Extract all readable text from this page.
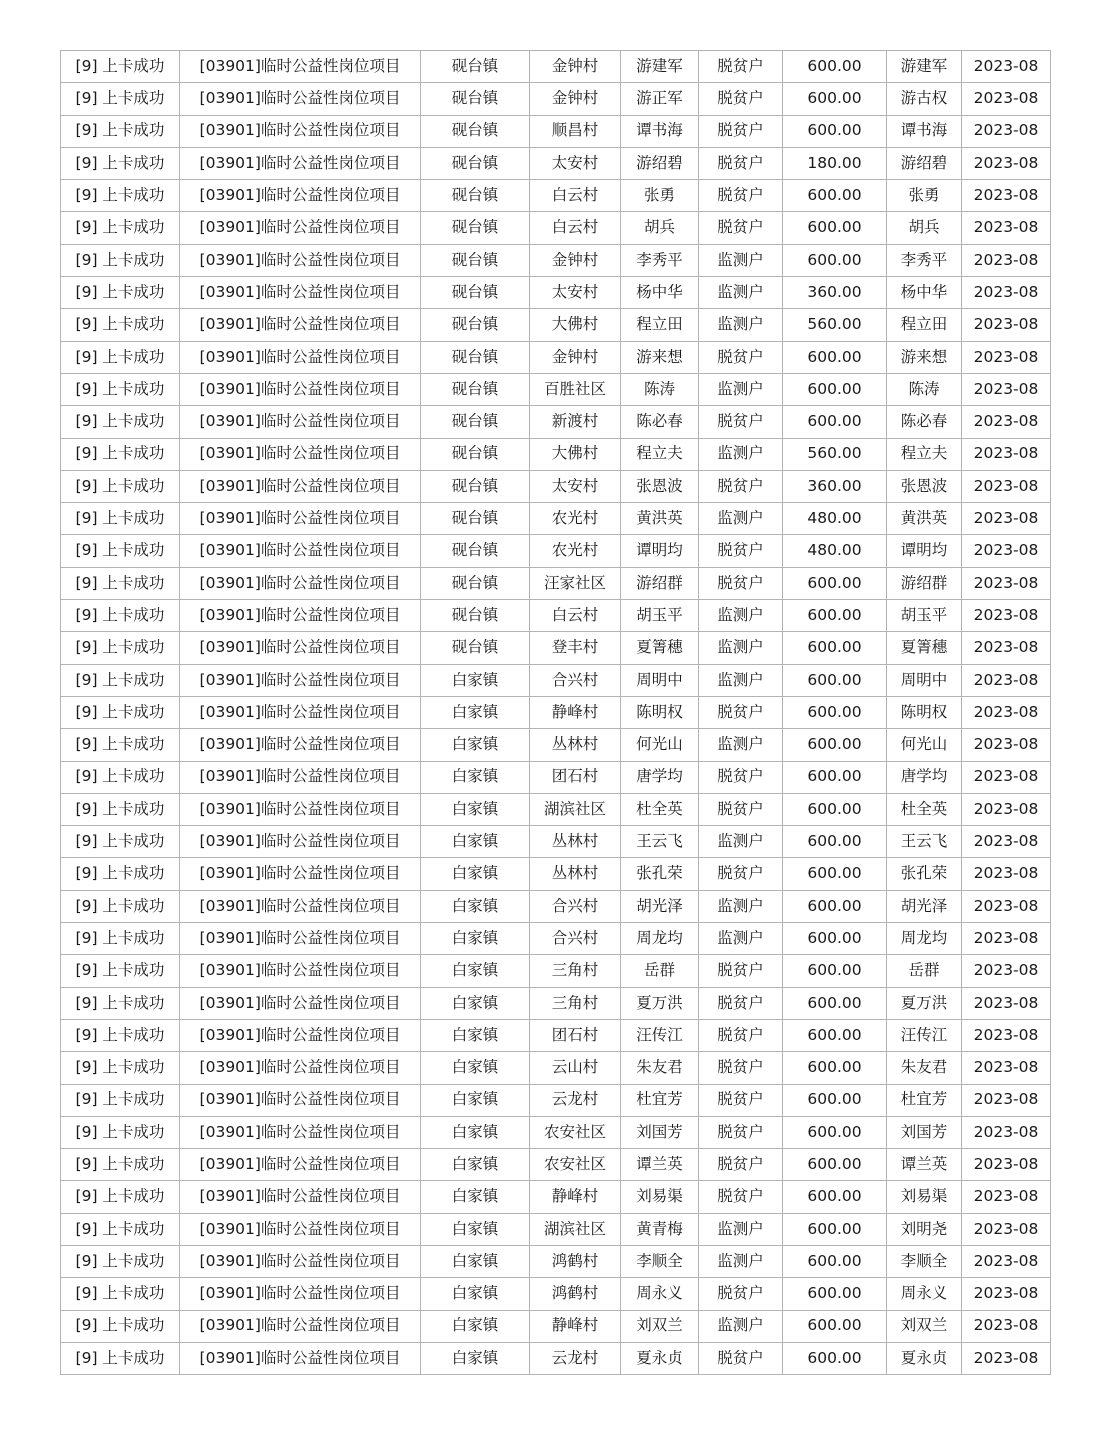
[9] 上卡成功	[03901]临时公益性岗位项目	砚台镇	金钟村	游建军	脱贫户	600.00	游建军	2023-08
[9] 上卡成功	[03901]临时公益性岗位项目	砚台镇	金钟村	游正军	脱贫户	600.00	游古权	2023-08
[9] 上卡成功	[03901]临时公益性岗位项目	砚台镇	顺昌村	谭书海	脱贫户	600.00	谭书海	2023-08
[9] 上卡成功	[03901]临时公益性岗位项目	砚台镇	太安村	游绍碧	脱贫户	180.00	游绍碧	2023-08
[9] 上卡成功	[03901]临时公益性岗位项目	砚台镇	白云村	张勇	脱贫户	600.00	张勇	2023-08
[9] 上卡成功	[03901]临时公益性岗位项目	砚台镇	白云村	胡兵	脱贫户	600.00	胡兵	2023-08
[9] 上卡成功	[03901]临时公益性岗位项目	砚台镇	金钟村	李秀平	监测户	600.00	李秀平	2023-08
[9] 上卡成功	[03901]临时公益性岗位项目	砚台镇	太安村	杨中华	监测户	360.00	杨中华	2023-08
[9] 上卡成功	[03901]临时公益性岗位项目	砚台镇	大佛村	程立田	监测户	560.00	程立田	2023-08
[9] 上卡成功	[03901]临时公益性岗位项目	砚台镇	金钟村	游来想	脱贫户	600.00	游来想	2023-08
[9] 上卡成功	[03901]临时公益性岗位项目	砚台镇	百胜社区	陈涛	监测户	600.00	陈涛	2023-08
[9] 上卡成功	[03901]临时公益性岗位项目	砚台镇	新渡村	陈必春	脱贫户	600.00	陈必春	2023-08
[9] 上卡成功	[03901]临时公益性岗位项目	砚台镇	大佛村	程立夫	监测户	560.00	程立夫	2023-08
[9] 上卡成功	[03901]临时公益性岗位项目	砚台镇	太安村	张恩波	脱贫户	360.00	张恩波	2023-08
[9] 上卡成功	[03901]临时公益性岗位项目	砚台镇	农光村	黄洪英	监测户	480.00	黄洪英	2023-08
[9] 上卡成功	[03901]临时公益性岗位项目	砚台镇	农光村	谭明均	脱贫户	480.00	谭明均	2023-08
[9] 上卡成功	[03901]临时公益性岗位项目	砚台镇	汪家社区	游绍群	脱贫户	600.00	游绍群	2023-08
[9] 上卡成功	[03901]临时公益性岗位项目	砚台镇	白云村	胡玉平	监测户	600.00	胡玉平	2023-08
[9] 上卡成功	[03901]临时公益性岗位项目	砚台镇	登丰村	夏箐穗	监测户	600.00	夏箐穗	2023-08
[9] 上卡成功	[03901]临时公益性岗位项目	白家镇	合兴村	周明中	监测户	600.00	周明中	2023-08
[9] 上卡成功	[03901]临时公益性岗位项目	白家镇	静峰村	陈明权	脱贫户	600.00	陈明权	2023-08
[9] 上卡成功	[03901]临时公益性岗位项目	白家镇	丛林村	何光山	监测户	600.00	何光山	2023-08
[9] 上卡成功	[03901]临时公益性岗位项目	白家镇	团石村	唐学均	脱贫户	600.00	唐学均	2023-08
[9] 上卡成功	[03901]临时公益性岗位项目	白家镇	湖滨社区	杜全英	脱贫户	600.00	杜全英	2023-08
[9] 上卡成功	[03901]临时公益性岗位项目	白家镇	丛林村	王云飞	监测户	600.00	王云飞	2023-08
[9] 上卡成功	[03901]临时公益性岗位项目	白家镇	丛林村	张孔荣	脱贫户	600.00	张孔荣	2023-08
[9] 上卡成功	[03901]临时公益性岗位项目	白家镇	合兴村	胡光泽	监测户	600.00	胡光泽	2023-08
[9] 上卡成功	[03901]临时公益性岗位项目	白家镇	合兴村	周龙均	监测户	600.00	周龙均	2023-08
[9] 上卡成功	[03901]临时公益性岗位项目	白家镇	三角村	岳群	脱贫户	600.00	岳群	2023-08
[9] 上卡成功	[03901]临时公益性岗位项目	白家镇	三角村	夏万洪	脱贫户	600.00	夏万洪	2023-08
[9] 上卡成功	[03901]临时公益性岗位项目	白家镇	团石村	汪传江	脱贫户	600.00	汪传江	2023-08
[9] 上卡成功	[03901]临时公益性岗位项目	白家镇	云山村	朱友君	脱贫户	600.00	朱友君	2023-08
[9] 上卡成功	[03901]临时公益性岗位项目	白家镇	云龙村	杜宜芳	脱贫户	600.00	杜宜芳	2023-08
[9] 上卡成功	[03901]临时公益性岗位项目	白家镇	农安社区	刘国芳	脱贫户	600.00	刘国芳	2023-08
[9] 上卡成功	[03901]临时公益性岗位项目	白家镇	农安社区	谭兰英	脱贫户	600.00	谭兰英	2023-08
[9] 上卡成功	[03901]临时公益性岗位项目	白家镇	静峰村	刘易渠	脱贫户	600.00	刘易渠	2023-08
[9] 上卡成功	[03901]临时公益性岗位项目	白家镇	湖滨社区	黄青梅	监测户	600.00	刘明尧	2023-08
[9] 上卡成功	[03901]临时公益性岗位项目	白家镇	鸿鹤村	李顺全	监测户	600.00	李顺全	2023-08
[9] 上卡成功	[03901]临时公益性岗位项目	白家镇	鸿鹤村	周永义	脱贫户	600.00	周永义	2023-08
[9] 上卡成功	[03901]临时公益性岗位项目	白家镇	静峰村	刘双兰	监测户	600.00	刘双兰	2023-08
[9] 上卡成功	[03901]临时公益性岗位项目	白家镇	云龙村	夏永贞	脱贫户	600.00	夏永贞	2023-08
